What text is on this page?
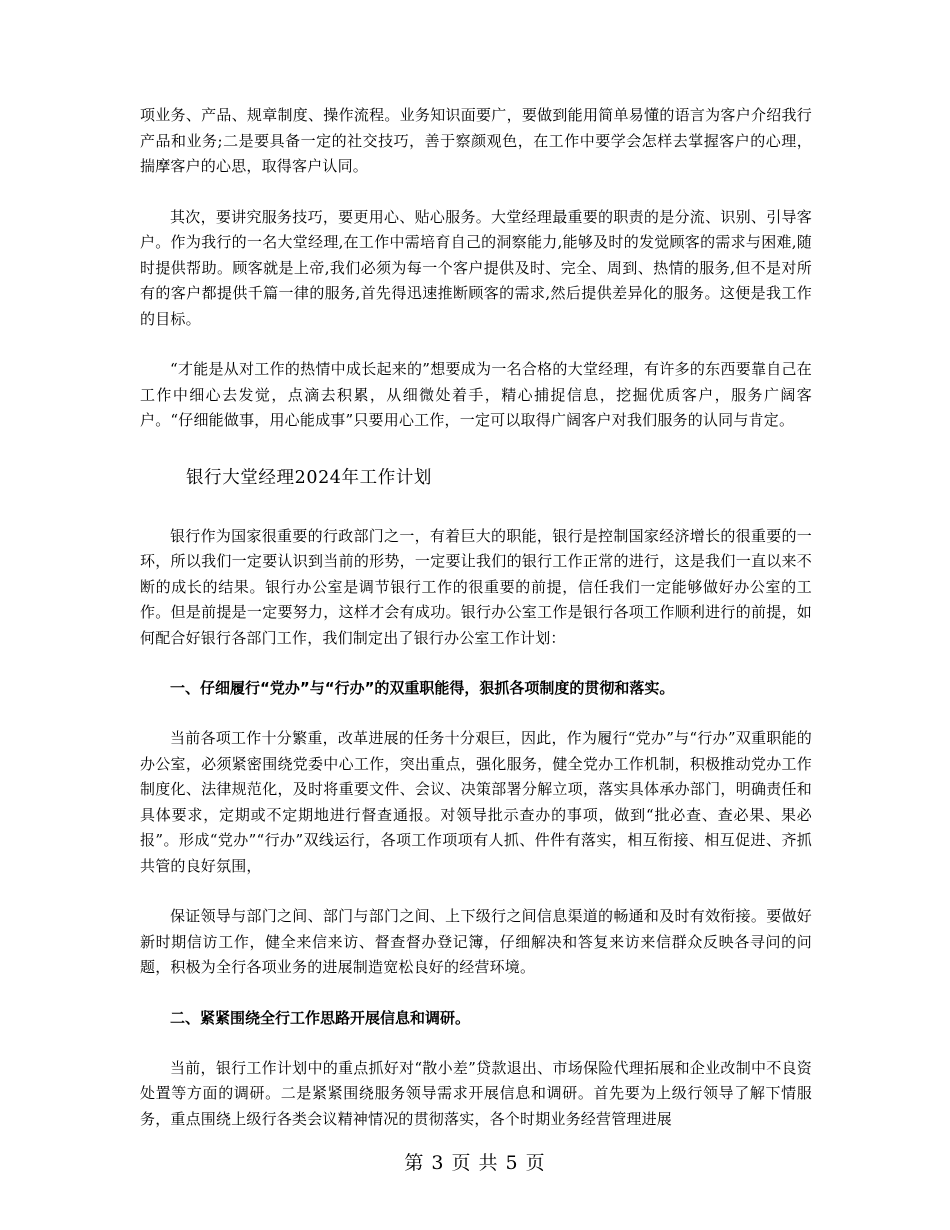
项业务、产品、规章制度、操作流程。业务知识面要广，要做到能用简单易懂的语言为客户介绍我行产品和业务;二是要具备一定的社交技巧，善于察颜观色，在工作中要学会怎样去掌握客户的心理，揣摩客户的心思，取得客户认同。

其次，要讲究服务技巧，要更用心、贴心服务。大堂经理最重要的职责的是分流、识别、引导客户。作为我行的一名大堂经理,在工作中需培育自己的洞察能力,能够及时的发觉顾客的需求与困难,随时提供帮助。顾客就是上帝,我们必须为每一个客户提供及时、完全、周到、热情的服务,但不是对所有的客户都提供千篇一律的服务,首先得迅速推断顾客的需求,然后提供差异化的服务。这便是我工作的目标。

“才能是从对工作的热情中成长起来的”想要成为一名合格的大堂经理，有许多的东西要靠自己在工作中细心去发觉，点滴去积累，从细微处着手，精心捕捉信息，挖掘优质客户，服务广阔客户。“仔细能做事，用心能成事”只要用心工作，一定可以取得广阔客户对我们服务的认同与肯定。

银行大堂经理2024年工作计划

银行作为国家很重要的行政部门之一，有着巨大的职能，银行是控制国家经济增长的很重要的一环，所以我们一定要认识到当前的形势，一定要让我们的银行工作正常的进行，这是我们一直以来不断的成长的结果。银行办公室是调节银行工作的很重要的前提，信任我们一定能够做好办公室的工作。但是前提是一定要努力，这样才会有成功。银行办公室工作是银行各项工作顺利进行的前提，如何配合好银行各部门工作，我们制定出了银行办公室工作计划：

一、仔细履行“党办”与“行办”的双重职能得，狠抓各项制度的贯彻和落实。

当前各项工作十分繁重，改革进展的任务十分艰巨，因此，作为履行“党办”与“行办”双重职能的办公室，必须紧密围绕党委中心工作，突出重点，强化服务，健全党办工作机制，积极推动党办工作制度化、法律规范化，及时将重要文件、会议、决策部署分解立项，落实具体承办部门，明确责任和具体要求，定期或不定期地进行督查通报。对领导批示查办的事项，做到“批必查、查必果、果必报”。形成“党办”“行办”双线运行，各项工作项项有人抓、件件有落实，相互衔接、相互促进、齐抓共管的良好氛围，

保证领导与部门之间、部门与部门之间、上下级行之间信息渠道的畅通和及时有效衔接。要做好新时期信访工作，健全来信来访、督查督办登记簿，仔细解决和答复来访来信群众反映各寻问的问题，积极为全行各项业务的进展制造宽松良好的经营环境。

二、紧紧围绕全行工作思路开展信息和调研。

当前，银行工作计划中的重点抓好对“散小差”贷款退出、市场保险代理拓展和企业改制中不良资处置等方面的调研。二是紧紧围绕服务领导需求开展信息和调研。首先要为上级行领导了解下情服务，重点围绕上级行各类会议精神情况的贯彻落实，各个时期业务经营管理进展

第 3 页 共 5 页
